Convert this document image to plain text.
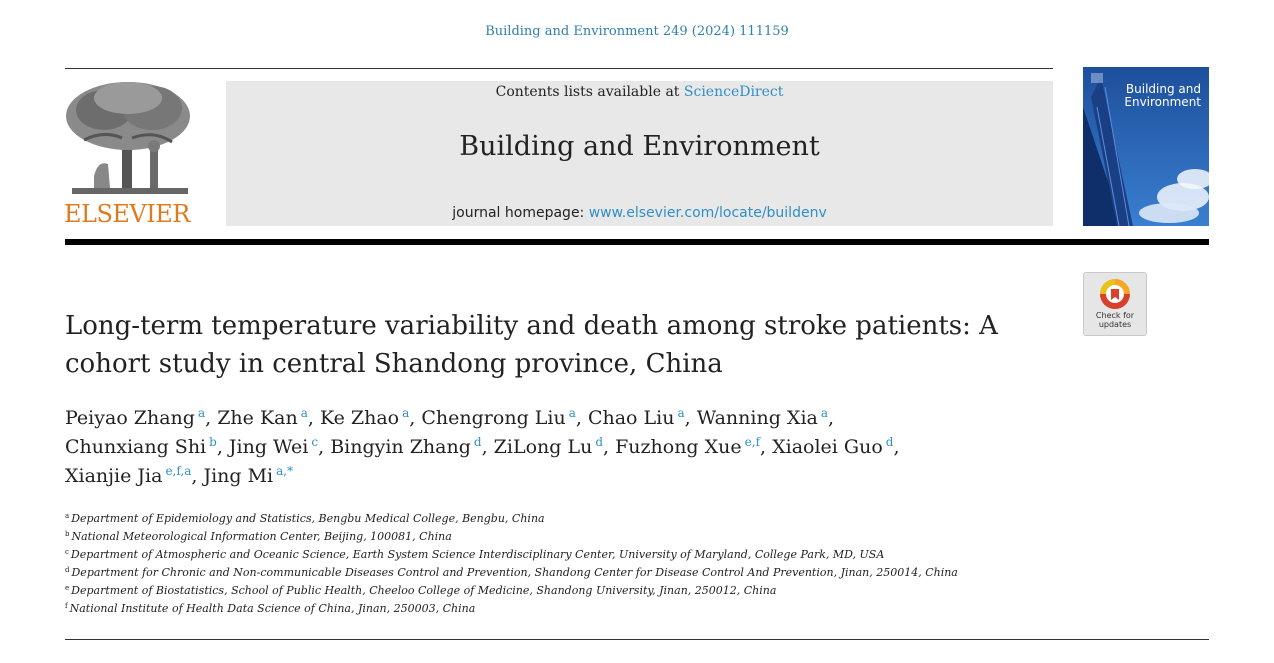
Building and Environment 249 (2024) 111159
ELSEVIER
Contents lists available at ScienceDirect
Building and Environment
journal homepage: www.elsevier.com/locate/buildenv
Building and Environment
Check for
updates
Long-term temperature variability and death among stroke patients: A
cohort study in central Shandong province, China
Peiyao Zhang $^a$, Zhe Kan $^a$, Ke Zhao $^a$, Chengrong Liu $^a$, Chao Liu $^a$, Wanning Xia $^a$,
Chunxiang Shi $^b$, Jing Wei $^c$, Bingyin Zhang $^d$, ZiLong Lu $^d$, Fuzhong Xue $^{e,f}$, Xiaolei Guo $^d$,
Xianjie Jia $^{e,f,a}$, Jing Mi $^{a,*}$
$^a$ Department of Epidemiology and Statistics, Bengbu Medical College, Bengbu, China
$^b$ National Meteorological Information Center, Beijing, 100081, China
$^c$ Department of Atmospheric and Oceanic Science, Earth System Science Interdisciplinary Center, University of Maryland, College Park, MD, USA
$^d$ Department for Chronic and Non-communicable Diseases Control and Prevention, Shandong Center for Disease Control And Prevention, Jinan, 250014, China
$^e$ Department of Biostatistics, School of Public Health, Cheeloo College of Medicine, Shandong University, Jinan, 250012, China
$^f$ National Institute of Health Data Science of China, Jinan, 250003, China
